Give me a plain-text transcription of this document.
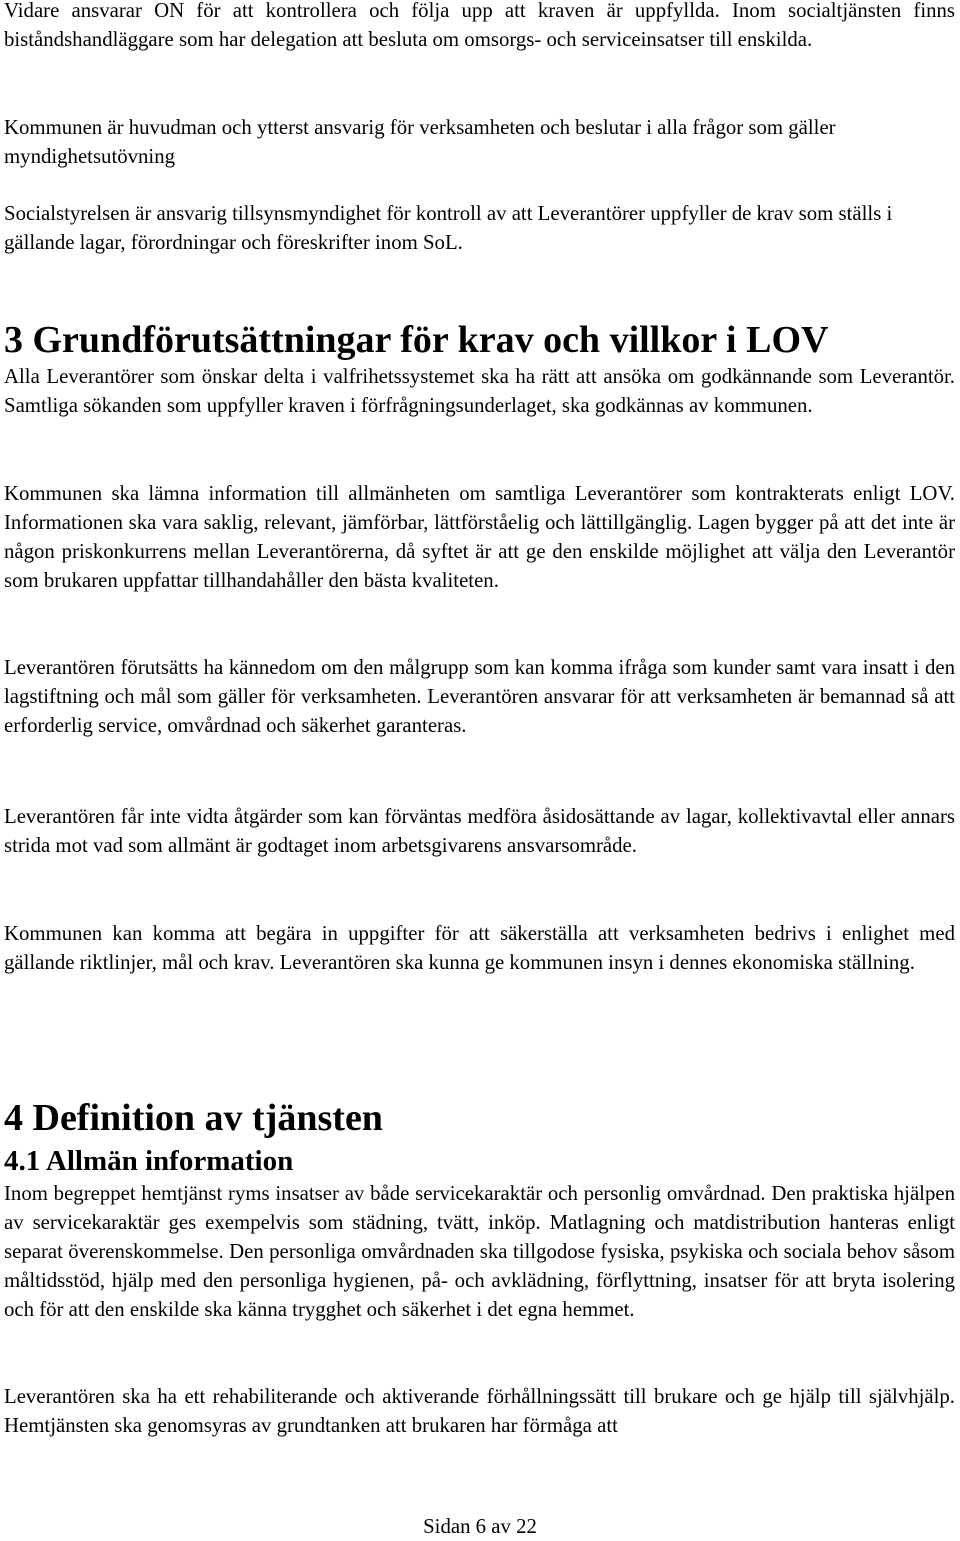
Vidare ansvarar ON för att kontrollera och följa upp att kraven är uppfyllda. Inom socialtjänsten finns biståndshandläggare som har delegation att besluta om omsorgs- och serviceinsatser till enskilda.

Kommunen är huvudman och ytterst ansvarig för verksamheten och beslutar i alla frågor som gäller myndighetsutövning

Socialstyrelsen är ansvarig tillsynsmyndighet för kontroll av att Leverantörer uppfyller de krav som ställs i gällande lagar, förordningar och föreskrifter inom SoL.

3 Grundförutsättningar för krav och villkor i LOV

Alla Leverantörer som önskar delta i valfrihetssystemet ska ha rätt att ansöka om godkännande som Leverantör. Samtliga sökanden som uppfyller kraven i förfrågningsunderlaget, ska godkännas av kommunen.

Kommunen ska lämna information till allmänheten om samtliga Leverantörer som kontrakterats enligt LOV. Informationen ska vara saklig, relevant, jämförbar, lättförståelig och lättillgänglig. Lagen bygger på att det inte är någon priskonkurrens mellan Leverantörerna, då syftet är att ge den enskilde möjlighet att välja den Leverantör som brukaren uppfattar tillhandahåller den bästa kvaliteten.

Leverantören förutsätts ha kännedom om den målgrupp som kan komma ifråga som kunder samt vara insatt i den lagstiftning och mål som gäller för verksamheten. Leverantören ansvarar för att verksamheten är bemannad så att erforderlig service, omvårdnad och säkerhet garanteras.

Leverantören får inte vidta åtgärder som kan förväntas medföra åsidosättande av lagar, kollektivavtal eller annars strida mot vad som allmänt är godtaget inom arbetsgivarens ansvarsområde.

Kommunen kan komma att begära in uppgifter för att säkerställa att verksamheten bedrivs i enlighet med gällande riktlinjer, mål och krav. Leverantören ska kunna ge kommunen insyn i dennes ekonomiska ställning.

4 Definition av tjänsten
4.1 Allmän information

Inom begreppet hemtjänst ryms insatser av både servicekaraktär och personlig omvårdnad. Den praktiska hjälpen av servicekaraktär ges exempelvis som städning, tvätt, inköp. Matlagning och matdistribution hanteras enligt separat överenskommelse. Den personliga omvårdnaden ska tillgodose fysiska, psykiska och sociala behov såsom måltidsstöd, hjälp med den personliga hygienen, på- och avklädning, förflyttning, insatser för att bryta isolering och för att den enskilde ska känna trygghet och säkerhet i det egna hemmet.

Leverantören ska ha ett rehabiliterande och aktiverande förhållningssätt till brukare och ge hjälp till självhjälp. Hemtjänsten ska genomsyras av grundtanken att brukaren har förmåga att

Sidan 6 av 22
